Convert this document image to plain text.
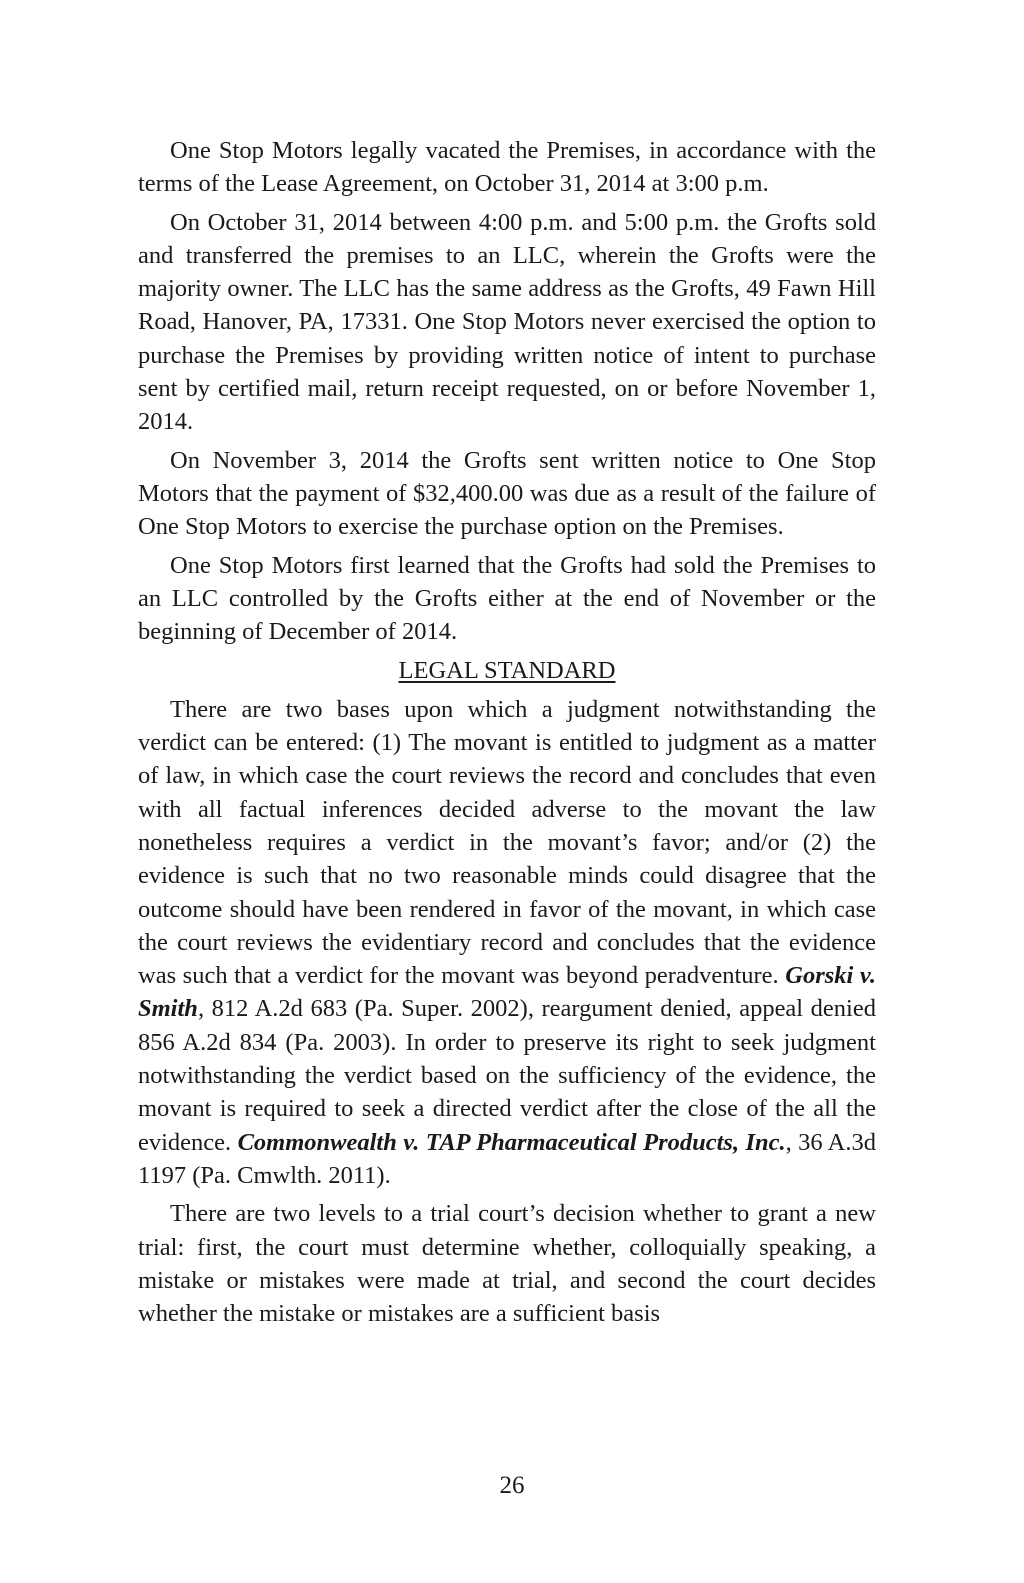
One Stop Motors legally vacated the Premises, in accordance with the terms of the Lease Agreement, on October 31, 2014 at 3:00 p.m.

On October 31, 2014 between 4:00 p.m. and 5:00 p.m. the Grofts sold and transferred the premises to an LLC, wherein the Grofts were the majority owner. The LLC has the same address as the Grofts, 49 Fawn Hill Road, Hanover, PA, 17331. One Stop Motors never exercised the option to purchase the Premises by providing written notice of intent to purchase sent by certified mail, return receipt requested, on or before November 1, 2014.

On November 3, 2014 the Grofts sent written notice to One Stop Motors that the payment of $32,400.00 was due as a result of the failure of One Stop Motors to exercise the purchase option on the Premises.

One Stop Motors first learned that the Grofts had sold the Premises to an LLC controlled by the Grofts either at the end of November or the beginning of December of 2014.

LEGAL STANDARD

There are two bases upon which a judgment notwithstanding the verdict can be entered: (1) The movant is entitled to judgment as a matter of law, in which case the court reviews the record and concludes that even with all factual inferences decided adverse to the movant the law nonetheless requires a verdict in the movant’s favor; and/or (2) the evidence is such that no two reasonable minds could disagree that the outcome should have been rendered in favor of the movant, in which case the court reviews the evidentiary record and concludes that the evidence was such that a verdict for the movant was beyond peradventure. Gorski v. Smith, 812 A.2d 683 (Pa. Super. 2002), reargument denied, appeal denied 856 A.2d 834 (Pa. 2003). In order to preserve its right to seek judgment notwithstanding the verdict based on the sufficiency of the evidence, the movant is required to seek a directed verdict after the close of the all the evidence. Commonwealth v. TAP Pharmaceutical Products, Inc., 36 A.3d 1197 (Pa. Cmwlth. 2011).

There are two levels to a trial court’s decision whether to grant a new trial: first, the court must determine whether, colloquially speaking, a mistake or mistakes were made at trial, and second the court decides whether the mistake or mistakes are a sufficient basis

26
